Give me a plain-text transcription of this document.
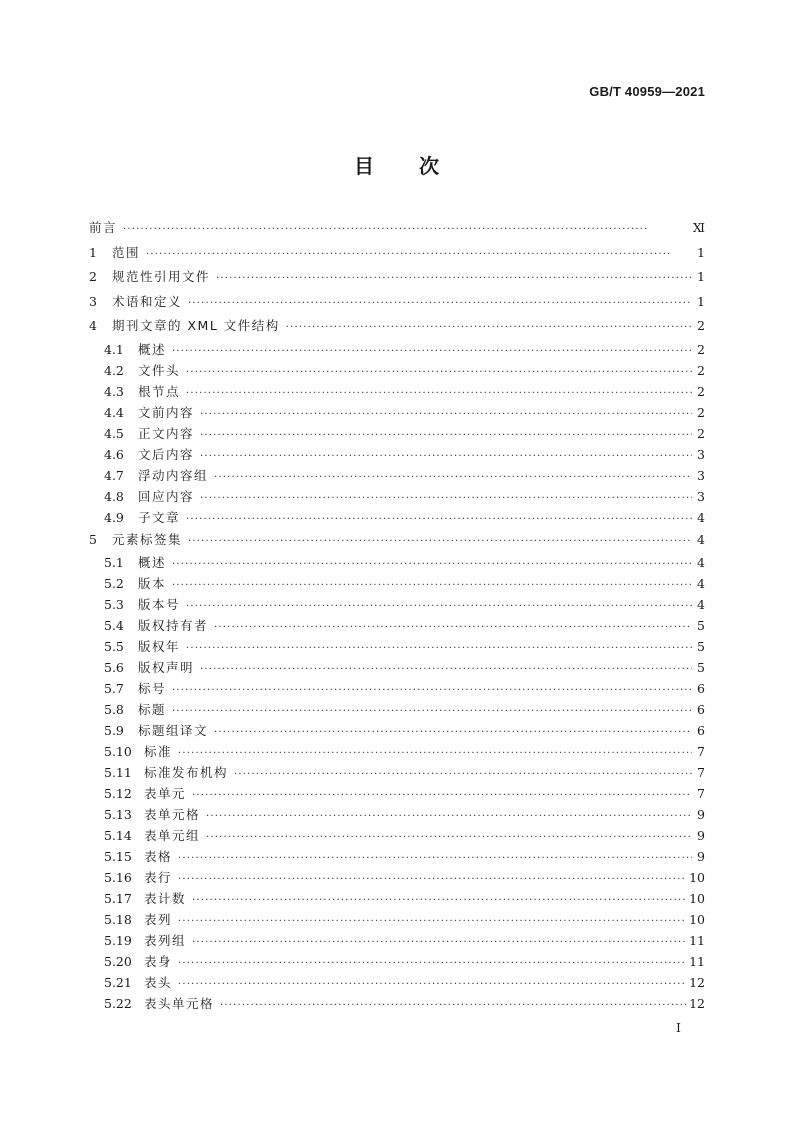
GB/T 40959—2021
目 次
前言 ·····	Ⅺ
1	范围 ·····	1
2	规范性引用文件 ·····	1
3	术语和定义 ·····	1
4	期刊文章的 XML 文件结构 ·····	2
4.1	概述 ·····	2
4.2	文件头 ·····	2
4.3	根节点 ·····	2
4.4	文前内容 ·····	2
4.5	正文内容 ·····	2
4.6	文后内容 ·····	3
4.7	浮动内容组 ·····	3
4.8	回应内容 ·····	3
4.9	子文章 ·····	4
5	元素标签集 ·····	4
5.1	概述 ·····	4
5.2	版本 ·····	4
5.3	版本号 ·····	4
5.4	版权持有者 ·····	5
5.5	版权年 ·····	5
5.6	版权声明 ·····	5
5.7	标号 ·····	6
5.8	标题 ·····	6
5.9	标题组译文 ·····	6
5.10 标准 ·····	7
5.11 标准发布机构 ·····	7
5.12 表单元 ·····	7
5.13 表单元格 ·····	9
5.14 表单元组 ·····	9
5.15 表格 ·····	9
5.16 表行 ·····	10
5.17 表计数 ·····	10
5.18 表列 ·····	10
5.19 表列组 ·····	11
5.20 表身 ·····	11
5.21 表头 ·····	12
5.22 表头单元格 ·····	12
I
